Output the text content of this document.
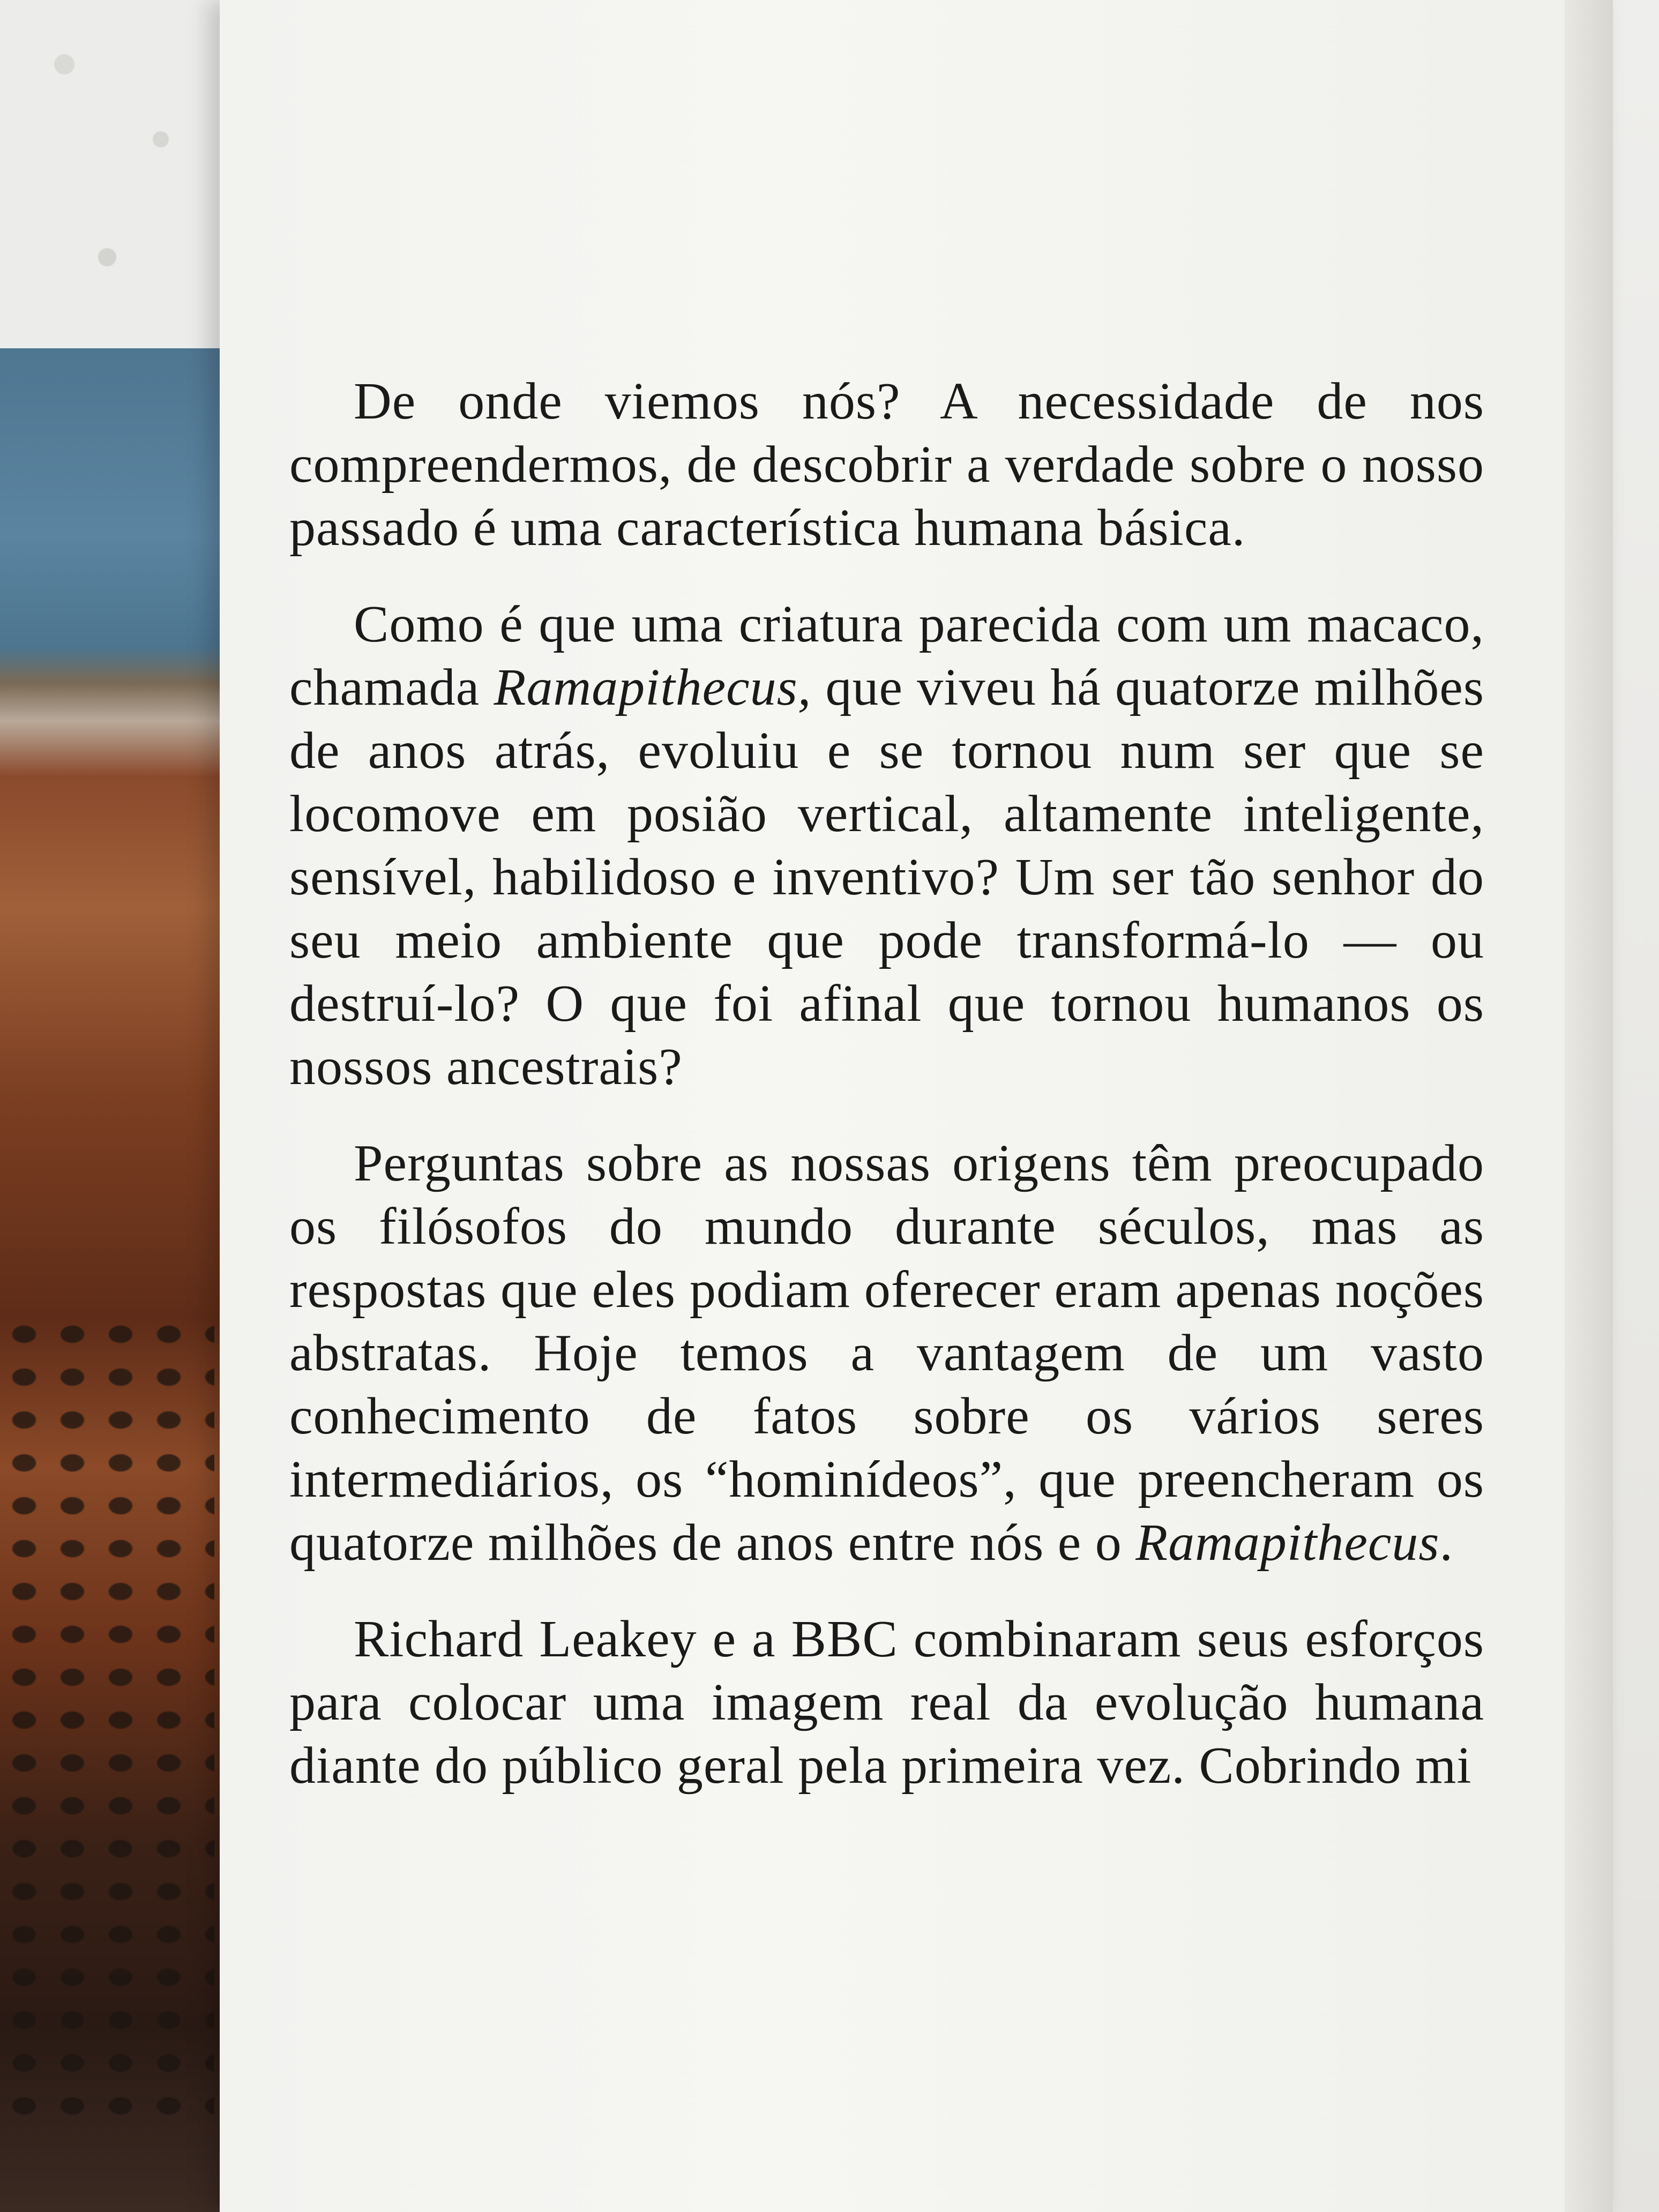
De onde viemos nós? A necessidade de nos compreendermos, de descobrir a verdade sobre o nosso passado é uma característica humana básica.

Como é que uma criatura parecida com um macaco, chamada Ramapithecus, que viveu há quatorze milhões de anos atrás, evoluiu e se tornou num ser que se locomove em posião vertical, altamente inteligente, sensível, habilidoso e inventivo? Um ser tão senhor do seu meio ambiente que pode transformá-lo — ou destruí-lo? O que foi afinal que tornou humanos os nossos ancestrais?

Perguntas sobre as nossas origens têm preocupado os filósofos do mundo durante séculos, mas as respostas que eles podiam oferecer eram apenas noções abstratas. Hoje temos a vantagem de um vasto conhecimento de fatos sobre os vários seres intermediários, os “hominídeos”, que preencheram os quatorze milhões de anos entre nós e o Ramapithecus.

Richard Leakey e a BBC combinaram seus esforços para colocar uma imagem real da evolução humana diante do público geral pela primeira vez. Cobrindo mi
